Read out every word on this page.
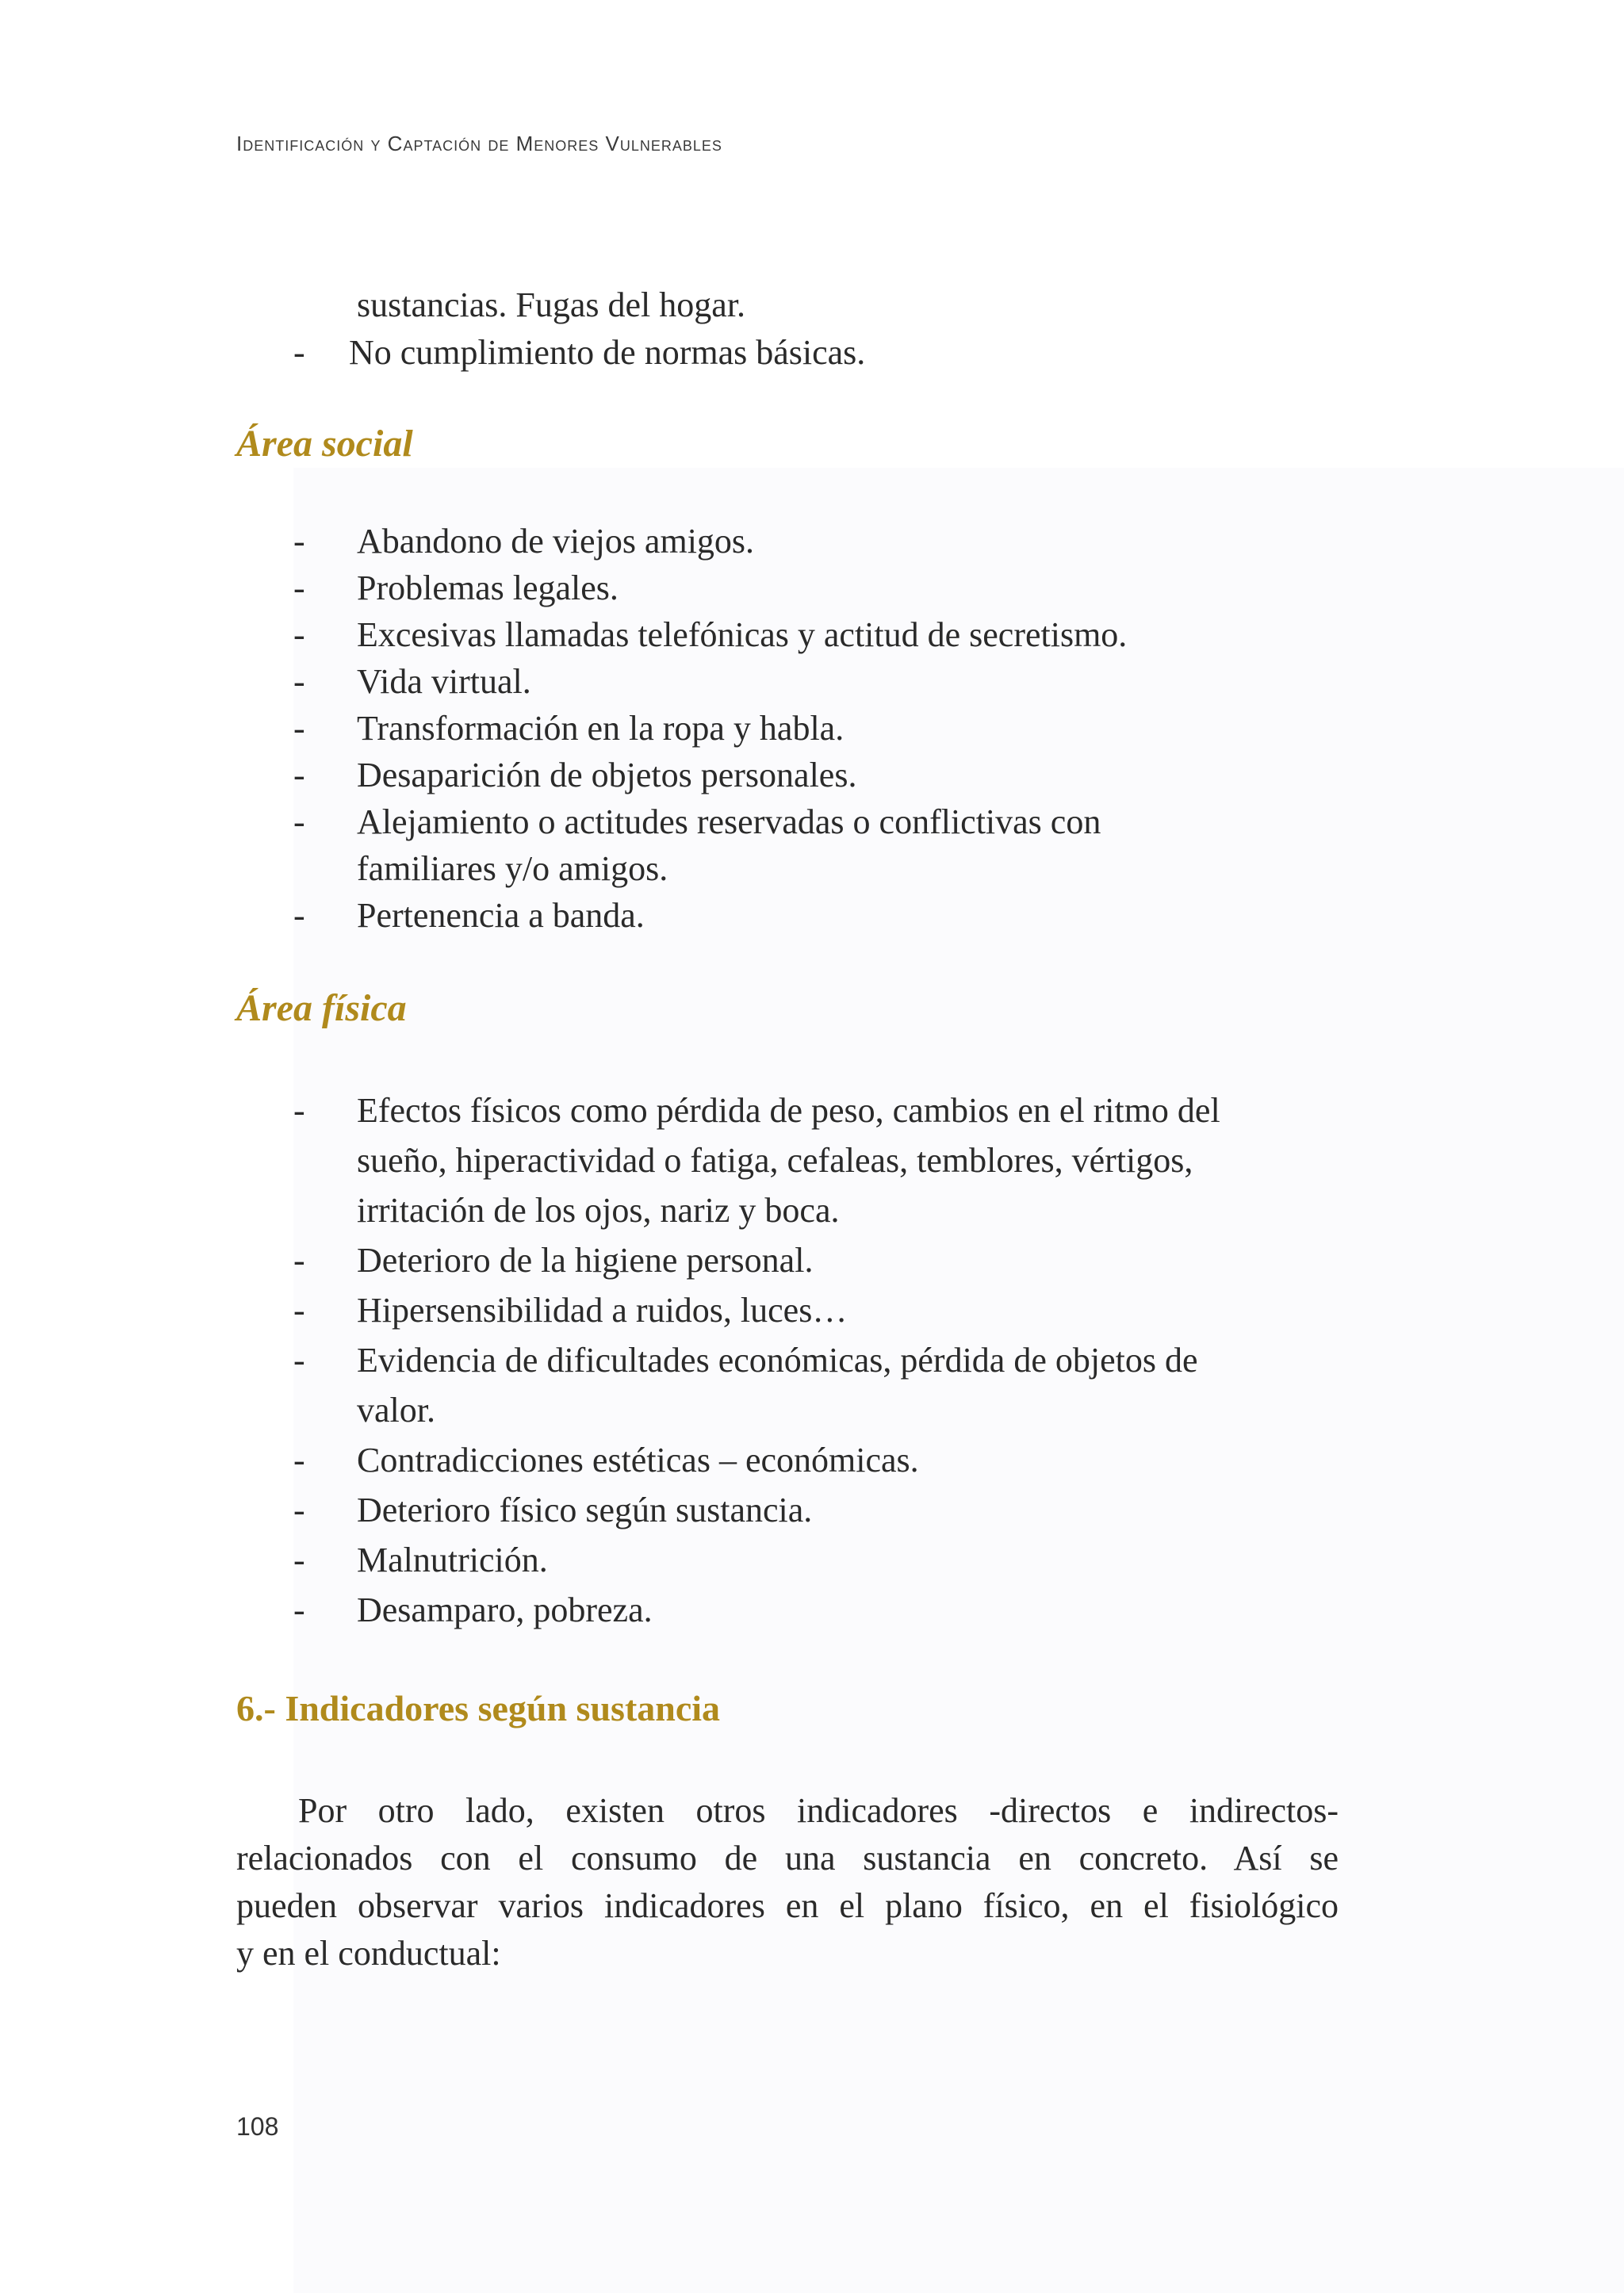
Identificación y Captación de Menores Vulnerables
sustancias. Fugas del hogar.
- No cumplimiento de normas básicas.
Área social
- Abandono de viejos amigos.
- Problemas legales.
- Excesivas llamadas telefónicas y actitud de secretismo.
- Vida virtual.
- Transformación en la ropa y habla.
- Desaparición de objetos personales.
- Alejamiento o actitudes reservadas o conflictivas con
familiares y/o amigos.
- Pertenencia a banda.
Área física
- Efectos físicos como pérdida de peso, cambios en el ritmo del
sueño, hiperactividad o fatiga, cefaleas, temblores, vértigos,
irritación de los ojos, nariz y boca.
- Deterioro de la higiene personal.
- Hipersensibilidad a ruidos, luces…
- Evidencia de dificultades económicas, pérdida de objetos de
valor.
- Contradicciones estéticas – económicas.
- Deterioro físico según sustancia.
- Malnutrición.
- Desamparo, pobreza.
6.- Indicadores según sustancia
Por otro lado, existen otros indicadores -directos e indirectos-
relacionados con el consumo de una sustancia en concreto. Así se
pueden observar varios indicadores en el plano físico, en el fisiológico
y en el conductual:
108
